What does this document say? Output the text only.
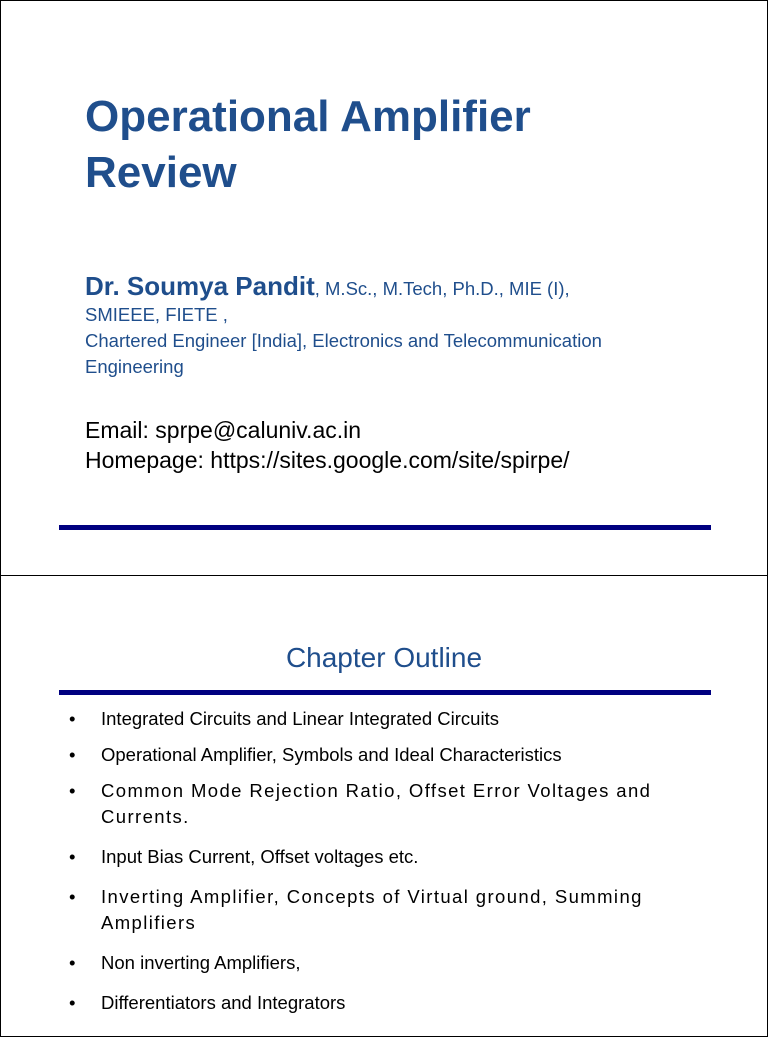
Operational Amplifier
Review
Dr. Soumya Pandit, M.Sc., M.Tech, Ph.D., MIE (I),
SMIEEE, FIETE ,
Chartered Engineer [India], Electronics and Telecommunication
Engineering
Email: sprpe@caluniv.ac.in
Homepage: https://sites.google.com/site/spirpe/
Chapter Outline
•	Integrated Circuits and Linear Integrated Circuits
•	Operational Amplifier, Symbols and Ideal Characteristics
•	Common Mode Rejection Ratio, Offset Error Voltages and Currents.
•	Input Bias Current, Offset voltages etc.
•	Inverting Amplifier, Concepts of Virtual ground, Summing Amplifiers
•	Non inverting Amplifiers,
•	Differentiators and Integrators
